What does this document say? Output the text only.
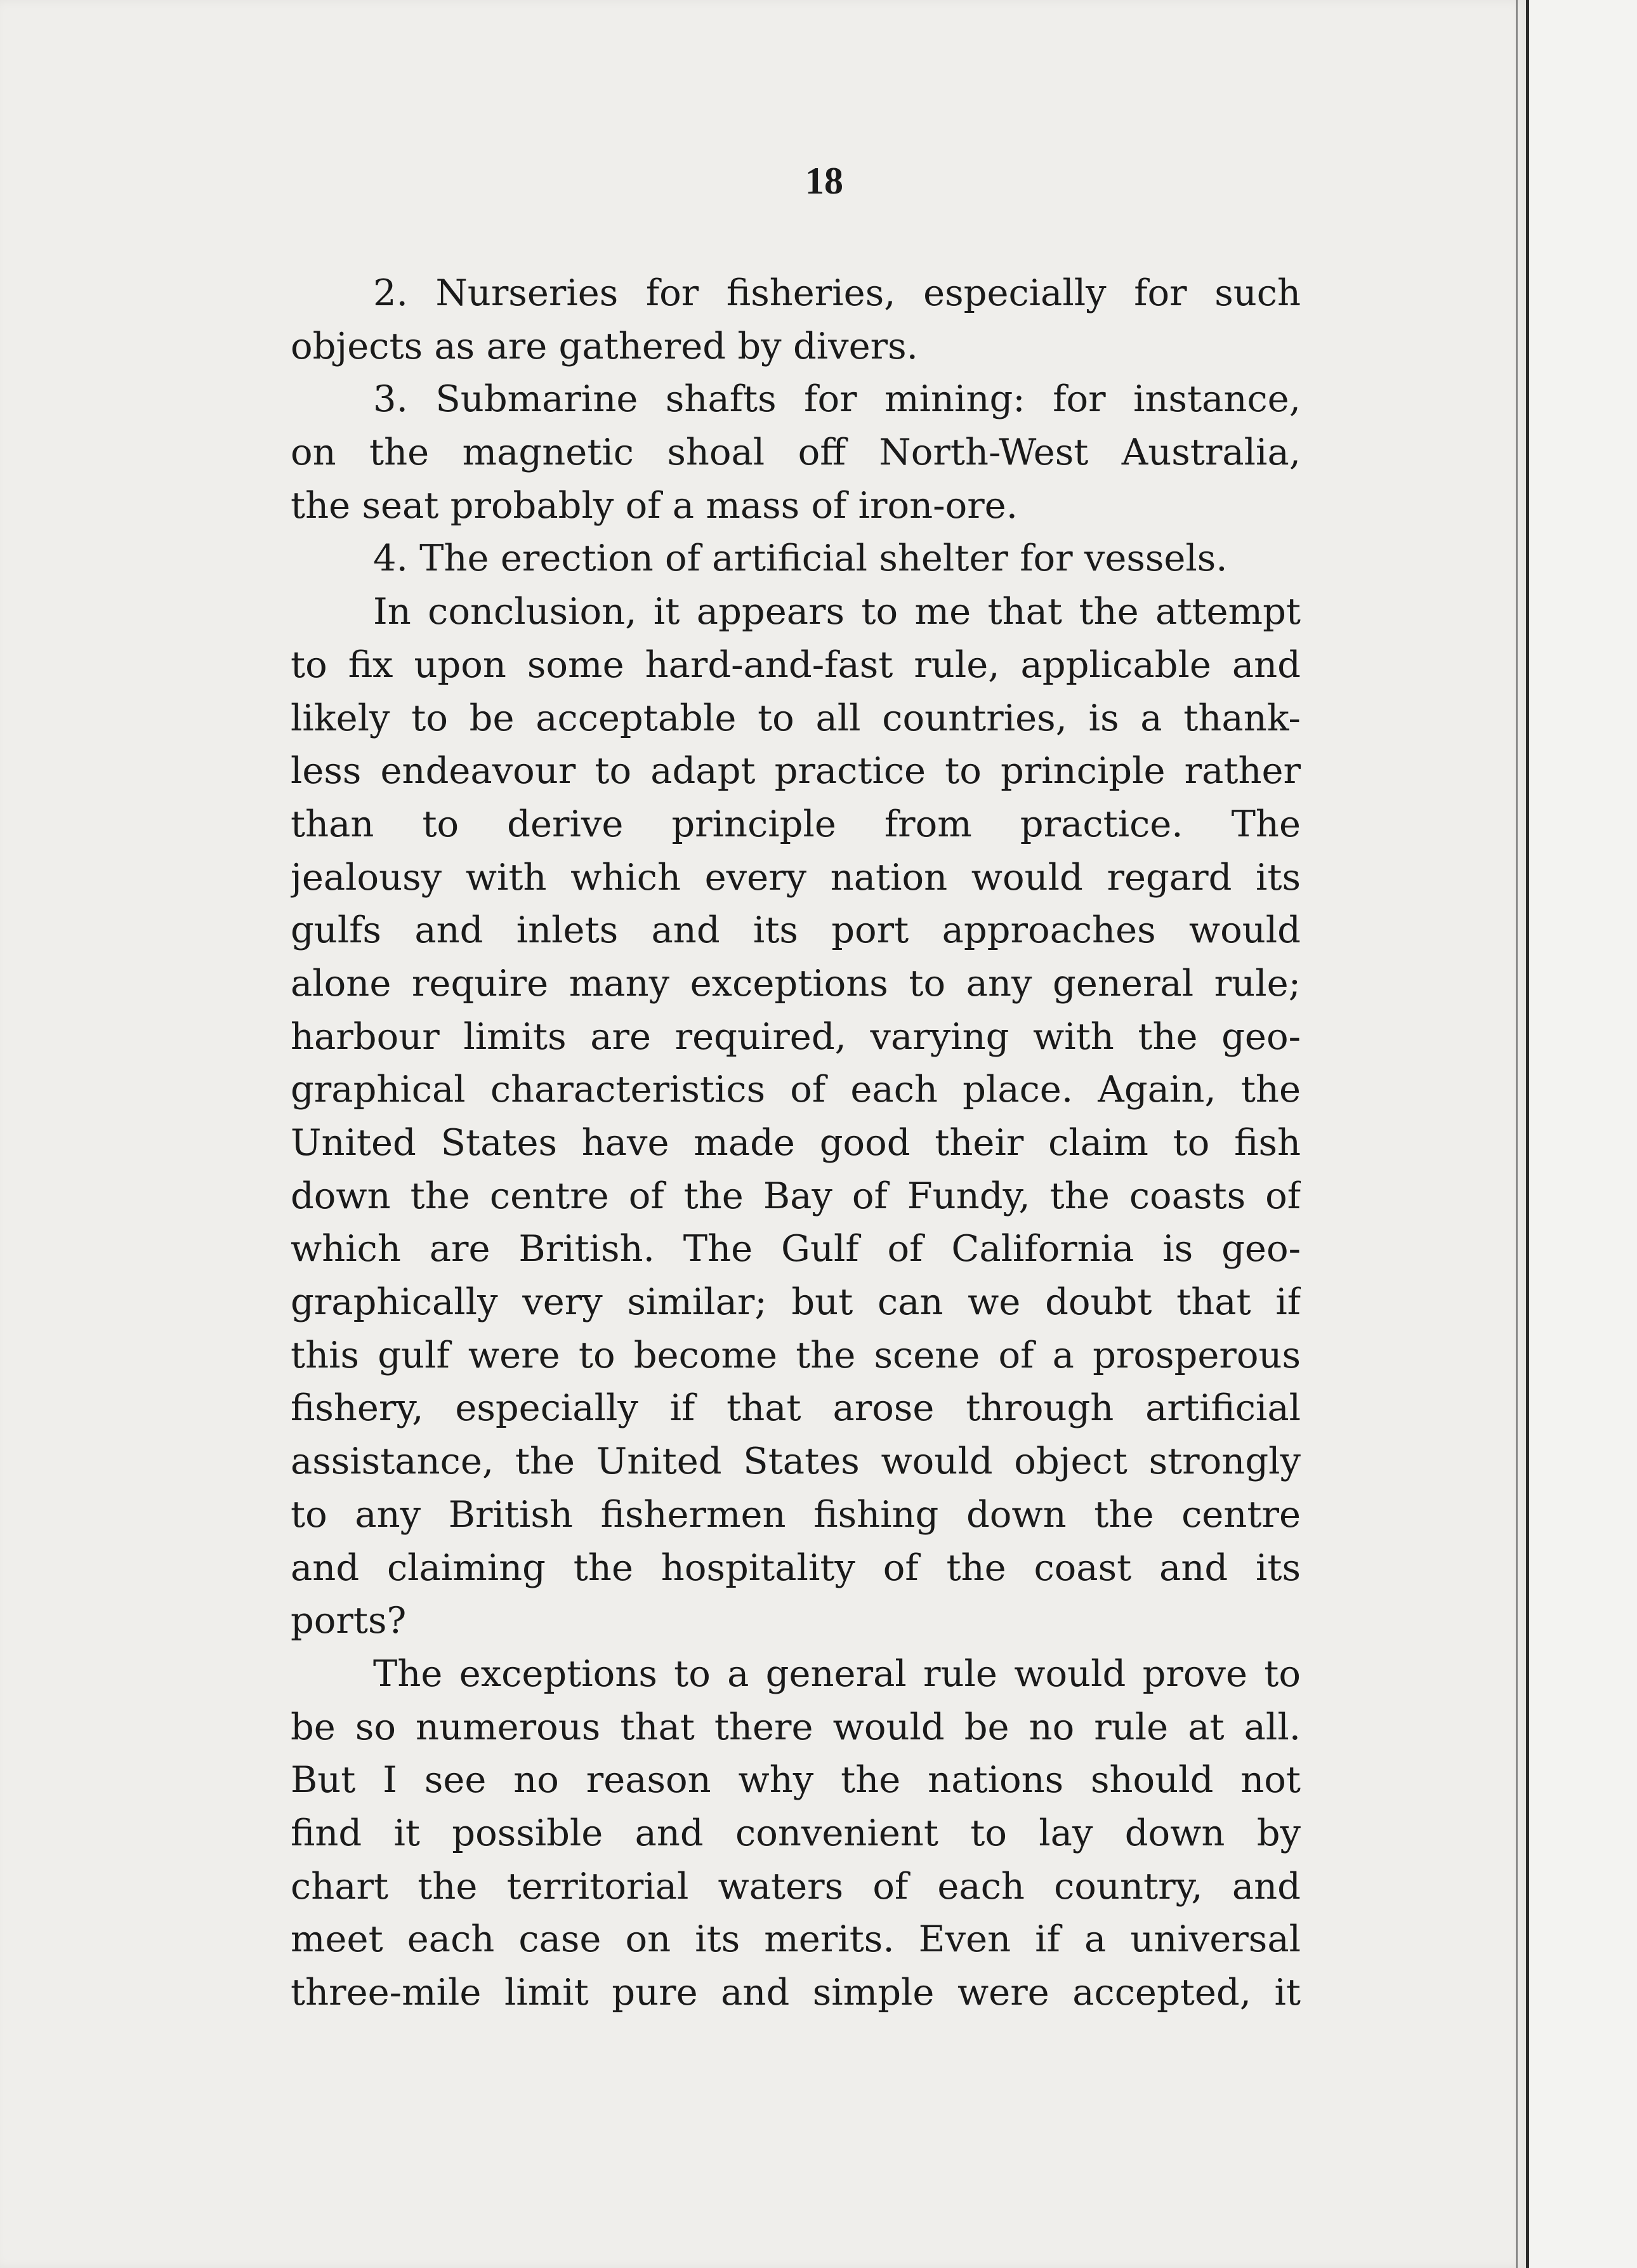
18
2. Nurseries for fisheries, especially for such
objects as are gathered by divers.
3. Submarine shafts for mining: for instance,
on the magnetic shoal off North-West Australia,
the seat probably of a mass of iron-ore.
4. The erection of artificial shelter for vessels.
In conclusion, it appears to me that the attempt
to fix upon some hard-and-fast rule, applicable and
likely to be acceptable to all countries, is a thank-
less endeavour to adapt practice to principle rather
than to derive principle from practice. The
jealousy with which every nation would regard its
gulfs and inlets and its port approaches would
alone require many exceptions to any general rule;
harbour limits are required, varying with the geo-
graphical characteristics of each place. Again, the
United States have made good their claim to fish
down the centre of the Bay of Fundy, the coasts of
which are British. The Gulf of California is geo-
graphically very similar; but can we doubt that if
this gulf were to become the scene of a prosperous
fishery, especially if that arose through artificial
assistance, the United States would object strongly
to any British fishermen fishing down the centre
and claiming the hospitality of the coast and its
ports?
The exceptions to a general rule would prove to
be so numerous that there would be no rule at all.
But I see no reason why the nations should not
find it possible and convenient to lay down by
chart the territorial waters of each country, and
meet each case on its merits. Even if a universal
three-mile limit pure and simple were accepted, it
